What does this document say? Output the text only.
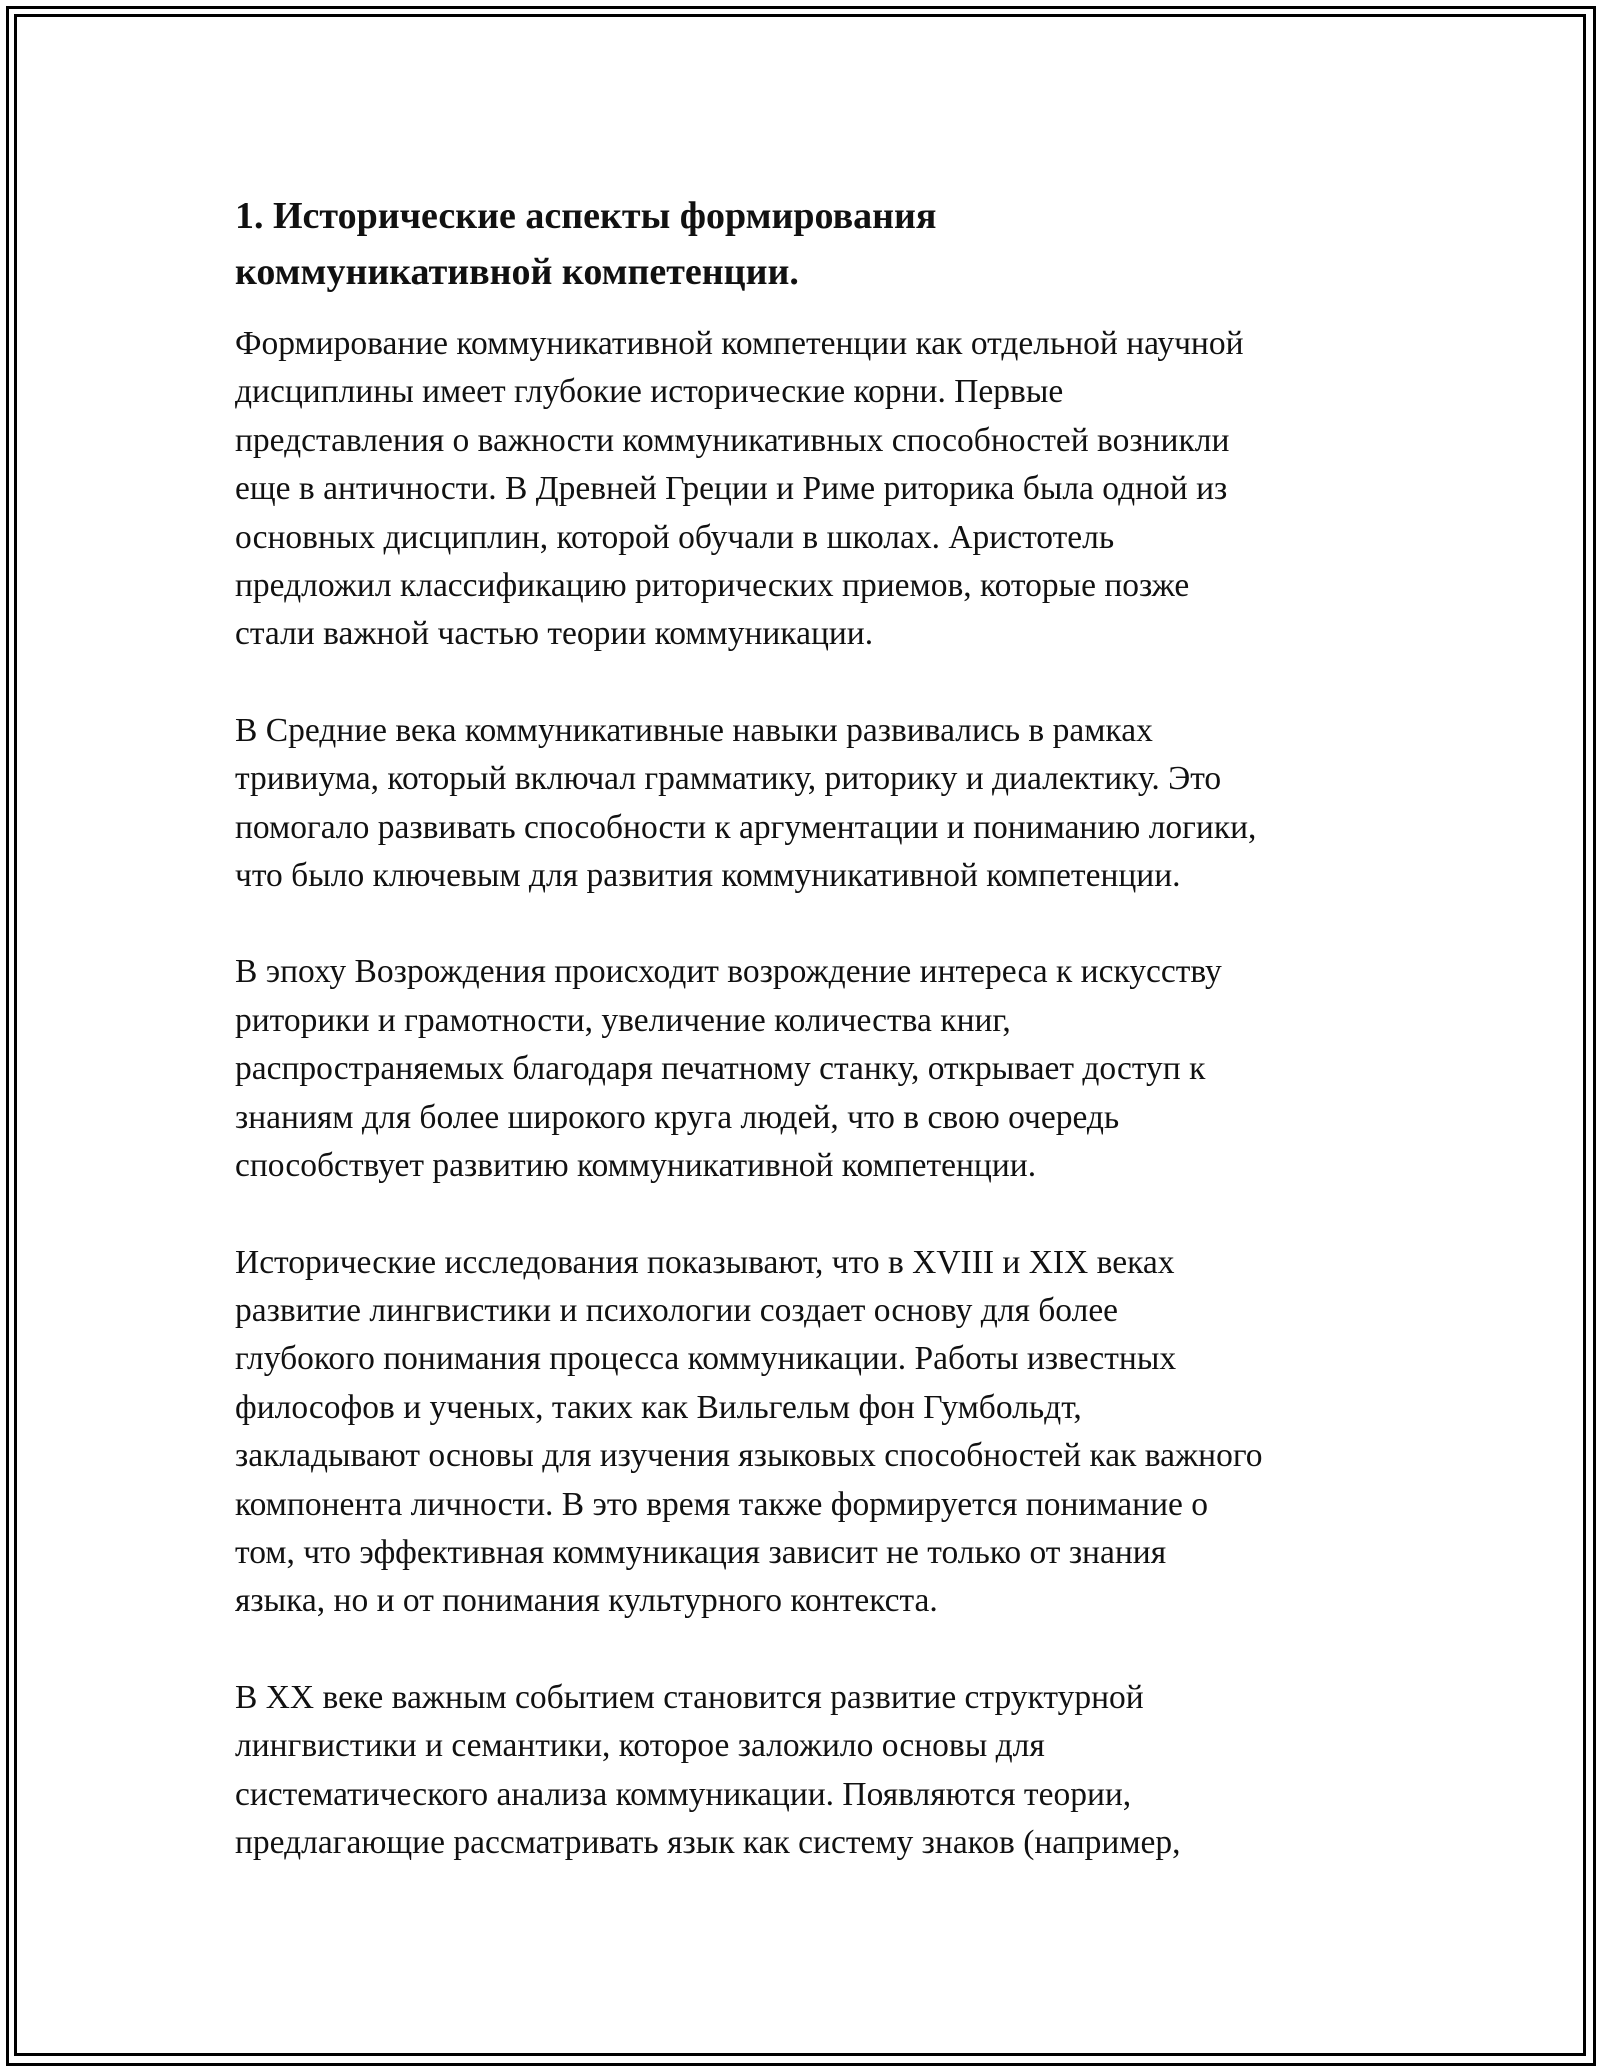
1. Исторические аспекты формирования
коммуникативной компетенции.

Формирование коммуникативной компетенции как отдельной научной
дисциплины имеет глубокие исторические корни. Первые
представления о важности коммуникативных способностей возникли
еще в античности. В Древней Греции и Риме риторика была одной из
основных дисциплин, которой обучали в школах. Аристотель
предложил классификацию риторических приемов, которые позже
стали важной частью теории коммуникации.

В Средние века коммуникативные навыки развивались в рамках
тривиума, который включал грамматику, риторику и диалектику. Это
помогало развивать способности к аргументации и пониманию логики,
что было ключевым для развития коммуникативной компетенции.

В эпоху Возрождения происходит возрождение интереса к искусству
риторики и грамотности, увеличение количества книг,
распространяемых благодаря печатному станку, открывает доступ к
знаниям для более широкого круга людей, что в свою очередь
способствует развитию коммуникативной компетенции.

Исторические исследования показывают, что в XVIII и XIX веках
развитие лингвистики и психологии создает основу для более
глубокого понимания процесса коммуникации. Работы известных
философов и ученых, таких как Вильгельм фон Гумбольдт,
закладывают основы для изучения языковых способностей как важного
компонента личности. В это время также формируется понимание о
том, что эффективная коммуникация зависит не только от знания
языка, но и от понимания культурного контекста.

В XX веке важным событием становится развитие структурной
лингвистики и семантики, которое заложило основы для
систематического анализа коммуникации. Появляются теории,
предлагающие рассматривать язык как систему знаков (например,
